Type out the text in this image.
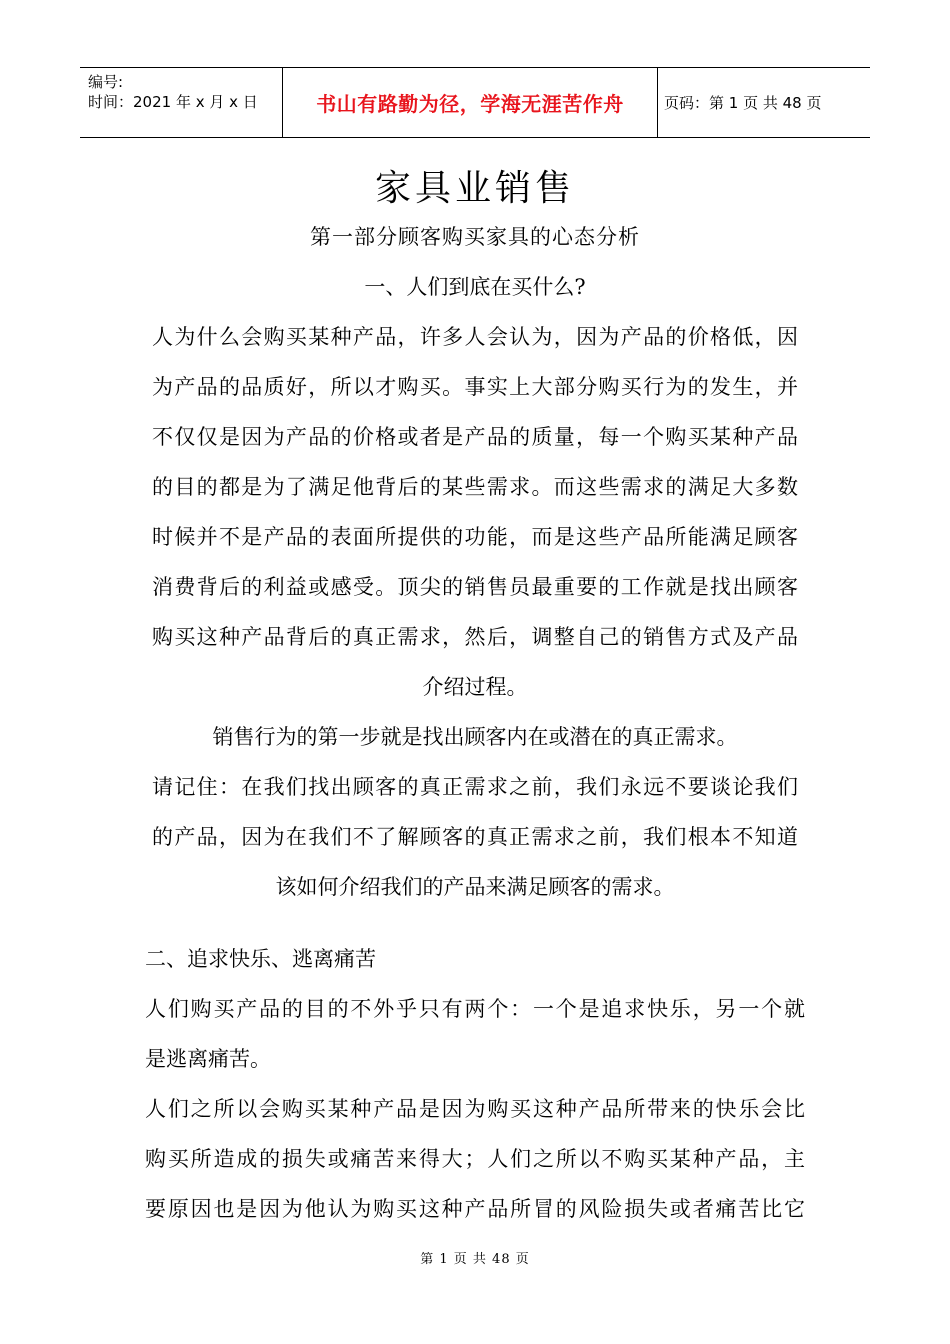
编号:
时间：2021 年 x 月 x 日	书山有路勤为径，学海无涯苦作舟	页码：第 1 页 共 48 页
家具业销售
第一部分顾客购买家具的心态分析
一、人们到底在买什么?
人为什么会购买某种产品，许多人会认为，因为产品的价格低，因
为产品的品质好，所以才购买。事实上大部分购买行为的发生，并
不仅仅是因为产品的价格或者是产品的质量，每一个购买某种产品
的目的都是为了满足他背后的某些需求。而这些需求的满足大多数
时候并不是产品的表面所提供的功能，而是这些产品所能满足顾客
消费背后的利益或感受。顶尖的销售员最重要的工作就是找出顾客
购买这种产品背后的真正需求，然后，调整自己的销售方式及产品
介绍过程。
销售行为的第一步就是找出顾客内在或潜在的真正需求。
请记住：在我们找出顾客的真正需求之前，我们永远不要谈论我们
的产品，因为在我们不了解顾客的真正需求之前，我们根本不知道
该如何介绍我们的产品来满足顾客的需求。
二、追求快乐、逃离痛苦
人们购买产品的目的不外乎只有两个：一个是追求快乐，另一个就
是逃离痛苦。
人们之所以会购买某种产品是因为购买这种产品所带来的快乐会比
购买所造成的损失或痛苦来得大；人们之所以不购买某种产品，主
要原因也是因为他认为购买这种产品所冒的风险损失或者痛苦比它
第 1 页 共 48 页
